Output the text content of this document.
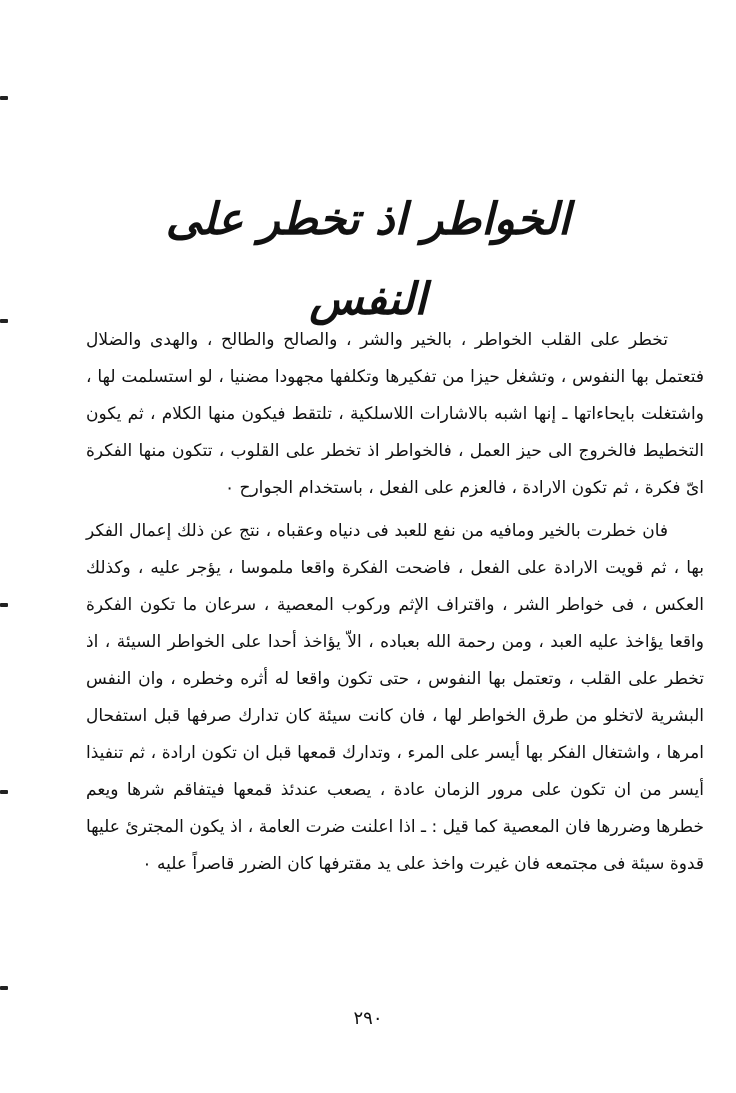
الخواطر اذ تخطر على النفس

تخطر على القلب الخواطر ، بالخير والشر ، والصالح والطالح ، والهدى والضلال فتعتمل بها النفوس ، وتشغل حيزا من تفكيرها وتكلفها مجهودا مضنيا ، لو استسلمت لها ، واشتغلت بايحاءاتها ـ إنها اشبه بالاشارات اللاسلكية ، تلتقط فيكون منها الكلام ، ثم يكون التخطيط فالخروج الى حيز العمل ، فالخواطر اذ تخطر على القلوب ، تتكون منها الفكرة اىّ فكرة ، ثم تكون الارادة ، فالعزم على الفعل ، باستخدام الجوارح ٠

فان خطرت بالخير ومافيه من نفع للعبد فى دنياه وعقباه ، نتج عن ذلك إعمال الفكر بها ، ثم قويت الارادة على الفعل ، فاضحت الفكرة واقعا ملموسا ، يؤجر عليه ، وكذلك العكس ، فى خواطر الشر ، واقتراف الإثم وركوب المعصية ، سرعان ما تكون الفكرة واقعا يؤاخذ عليه العبد ، ومن رحمة الله بعباده ، الاّ يؤاخذ أحدا على الخواطر السيئة ، اذ تخطر على القلب ، وتعتمل بها النفوس ، حتى تكون واقعا له أثره وخطره ، وان النفس البشرية لاتخلو من طرق الخواطر لها ، فان كانت سيئة كان تدارك صرفها قبل استفحال امرها ، واشتغال الفكر بها أيسر على المرء ، وتدارك قمعها قبل ان تكون ارادة ، ثم تنفيذا أيسر من ان تكون على مرور الزمان عادة ، يصعب عندئذ قمعها فيتفاقم شرها ويعم خطرها وضررها فان المعصية كما قيل : ـ اذا اعلنت ضرت العامة ، اذ يكون المجترئ عليها قدوة سيئة فى مجتمعه فان غيرت واخذ على يد مقترفها كان الضرر قاصراً عليه ٠

٢٩٠
